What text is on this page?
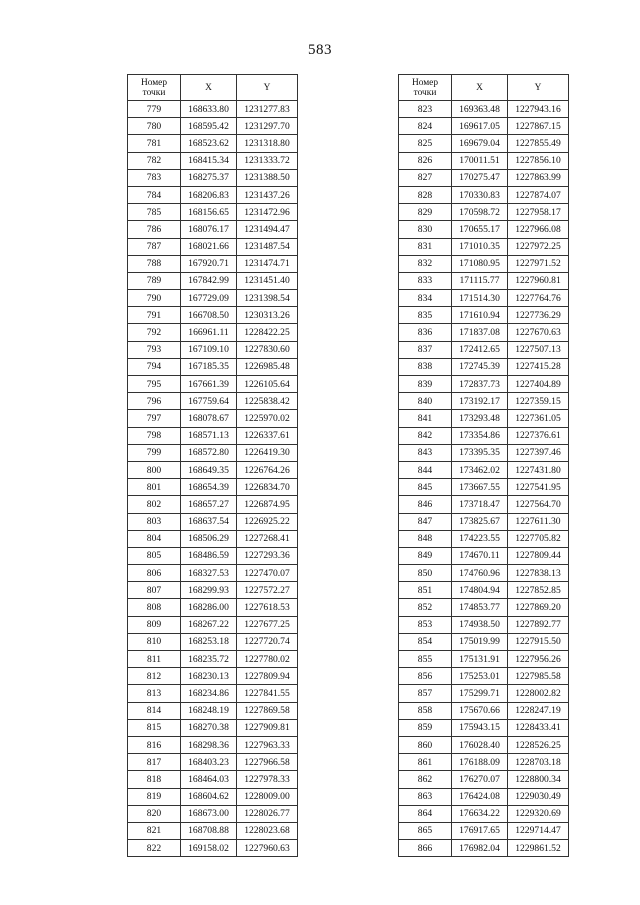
583
Номер
точки	X	Y
779	168633.80	1231277.83
780	168595.42	1231297.70
781	168523.62	1231318.80
782	168415.34	1231333.72
783	168275.37	1231388.50
784	168206.83	1231437.26
785	168156.65	1231472.96
786	168076.17	1231494.47
787	168021.66	1231487.54
788	167920.71	1231474.71
789	167842.99	1231451.40
790	167729.09	1231398.54
791	166708.50	1230313.26
792	166961.11	1228422.25
793	167109.10	1227830.60
794	167185.35	1226985.48
795	167661.39	1226105.64
796	167759.64	1225838.42
797	168078.67	1225970.02
798	168571.13	1226337.61
799	168572.80	1226419.30
800	168649.35	1226764.26
801	168654.39	1226834.70
802	168657.27	1226874.95
803	168637.54	1226925.22
804	168506.29	1227268.41
805	168486.59	1227293.36
806	168327.53	1227470.07
807	168299.93	1227572.27
808	168286.00	1227618.53
809	168267.22	1227677.25
810	168253.18	1227720.74
811	168235.72	1227780.02
812	168230.13	1227809.94
813	168234.86	1227841.55
814	168248.19	1227869.58
815	168270.38	1227909.81
816	168298.36	1227963.33
817	168403.23	1227966.58
818	168464.03	1227978.33
819	168604.62	1228009.00
820	168673.00	1228026.77
821	168708.88	1228023.68
822	169158.02	1227960.63
Номер
точки	X	Y
823	169363.48	1227943.16
824	169617.05	1227867.15
825	169679.04	1227855.49
826	170011.51	1227856.10
827	170275.47	1227863.99
828	170330.83	1227874.07
829	170598.72	1227958.17
830	170655.17	1227966.08
831	171010.35	1227972.25
832	171080.95	1227971.52
833	171115.77	1227960.81
834	171514.30	1227764.76
835	171610.94	1227736.29
836	171837.08	1227670.63
837	172412.65	1227507.13
838	172745.39	1227415.28
839	172837.73	1227404.89
840	173192.17	1227359.15
841	173293.48	1227361.05
842	173354.86	1227376.61
843	173395.35	1227397.46
844	173462.02	1227431.80
845	173667.55	1227541.95
846	173718.47	1227564.70
847	173825.67	1227611.30
848	174223.55	1227705.82
849	174670.11	1227809.44
850	174760.96	1227838.13
851	174804.94	1227852.85
852	174853.77	1227869.20
853	174938.50	1227892.77
854	175019.99	1227915.50
855	175131.91	1227956.26
856	175253.01	1227985.58
857	175299.71	1228002.82
858	175670.66	1228247.19
859	175943.15	1228433.41
860	176028.40	1228526.25
861	176188.09	1228703.18
862	176270.07	1228800.34
863	176424.08	1229030.49
864	176634.22	1229320.69
865	176917.65	1229714.47
866	176982.04	1229861.52
